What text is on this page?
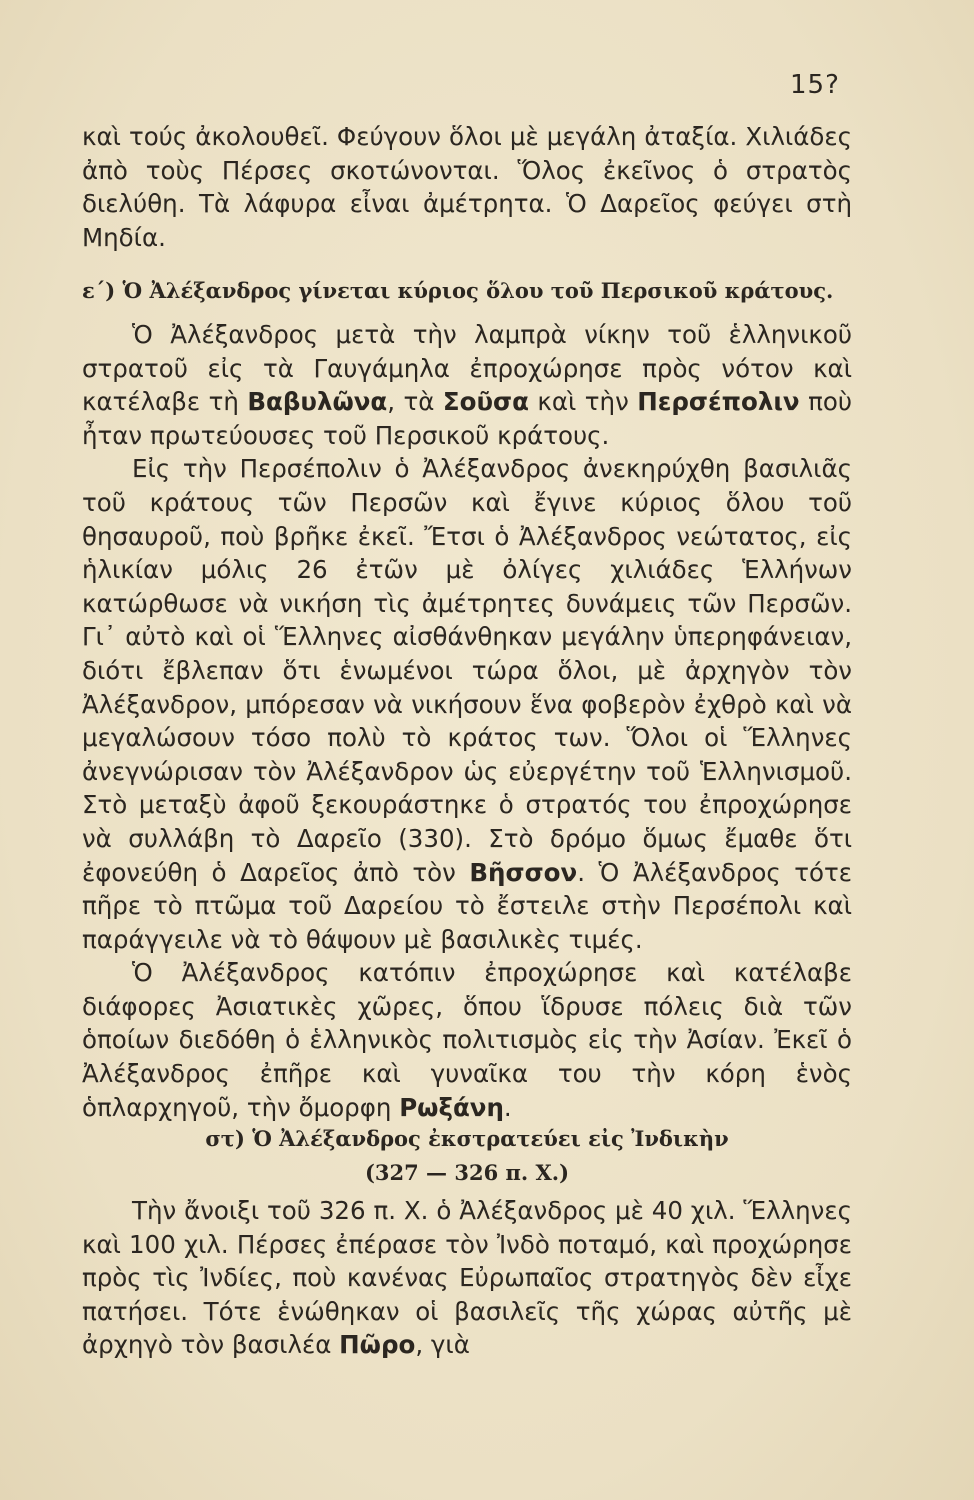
15?

καὶ τούς ἀκολουθεῖ. Φεύγουν ὅλοι μὲ μεγάλη ἀταξία. Χιλιάδες ἀπὸ τοὺς Πέρσες σκοτώνονται. Ὅλος ἐκεῖνος ὁ στρατὸς διελύθη. Τὰ λάφυρα εἶναι ἀμέτρητα. Ὁ Δαρεῖος φεύγει στὴ Μηδία.

ε΄) Ὁ Ἀλέξανδρος γίνεται κύριος ὅλου τοῦ Περσικοῦ κράτους.

Ὁ Ἀλέξανδρος μετὰ τὴν λαμπρὰ νίκην τοῦ ἑλληνικοῦ στρατοῦ εἰς τὰ Γαυγάμηλα ἐπροχώρησε πρὸς νότον καὶ κατέλαβε τὴ Βαβυλῶνα, τὰ Σοῦσα καὶ τὴν Περσέπολιν ποὺ ἦταν πρωτεύουσες τοῦ Περσικοῦ κράτους.

Εἰς τὴν Περσέπολιν ὁ Ἀλέξανδρος ἀνεκηρύχθη βασιλιᾶς τοῦ κράτους τῶν Περσῶν καὶ ἔγινε κύριος ὅλου τοῦ θησαυροῦ, ποὺ βρῆκε ἐκεῖ. Ἔτσι ὁ Ἀλέξανδρος νεώτατος, εἰς ἡλικίαν μόλις 26 ἐτῶν μὲ ὀλίγες χιλιάδες Ἑλλήνων κατώρθωσε νὰ νικήση τὶς ἀμέτρητες δυνάμεις τῶν Περσῶν. Γι᾽ αὐτὸ καὶ οἱ Ἕλληνες αἰσθάνθηκαν μεγάλην ὑπερηφάνειαν, διότι ἔβλεπαν ὅτι ἑνωμένοι τώρα ὅλοι, μὲ ἀρχηγὸν τὸν Ἀλέξανδρον, μπόρεσαν νὰ νικήσουν ἕνα φοβερὸν ἐχθρὸ καὶ νὰ μεγαλώσουν τόσο πολὺ τὸ κράτος των. Ὅλοι οἱ Ἕλληνες ἀνεγνώρισαν τὸν Ἀλέξανδρον ὡς εὐεργέτην τοῦ Ἑλληνισμοῦ. Στὸ μεταξὺ ἀφοῦ ξεκουράστηκε ὁ στρατός του ἐπροχώρησε νὰ συλλάβη τὸ Δαρεῖο (330). Στὸ δρόμο ὅμως ἔμαθε ὅτι ἐφονεύθη ὁ Δαρεῖος ἀπὸ τὸν Βῆσσον. Ὁ Ἀλέξανδρος τότε πῆρε τὸ πτῶμα τοῦ Δαρείου τὸ ἔστειλε στὴν Περσέπολι καὶ παράγγειλε νὰ τὸ θάψουν μὲ βασιλικὲς τιμές.

Ὁ Ἀλέξανδρος κατόπιν ἐπροχώρησε καὶ κατέλαβε διάφορες Ἀσιατικὲς χῶρες, ὅπου ἵδρυσε πόλεις διὰ τῶν ὁποίων διεδόθη ὁ ἑλληνικὸς πολιτισμὸς εἰς τὴν Ἀσίαν. Ἐκεῖ ὁ Ἀλέξανδρος ἐπῆρε καὶ γυναῖκα του τὴν κόρη ἑνὸς ὁπλαρχηγοῦ, τὴν ὄμορφη Ρωξάνη.

στ) Ὁ Ἀλέξανδρος ἐκστρατεύει εἰς Ἰνδικὴν
(327 — 326 π. Χ.)

Τὴν ἄνοιξι τοῦ 326 π. Χ. ὁ Ἀλέξανδρος μὲ 40 χιλ. Ἕλληνες καὶ 100 χιλ. Πέρσες ἐπέρασε τὸν Ἰνδὸ ποταμό, καὶ προχώρησε πρὸς τὶς Ἰνδίες, ποὺ κανένας Εὐρωπαῖος στρατηγὸς δὲν εἶχε πατήσει. Τότε ἑνώθηκαν οἱ βασιλεῖς τῆς χώρας αὐτῆς μὲ ἀρχηγὸ τὸν βασιλέα Πῶρο, γιὰ
